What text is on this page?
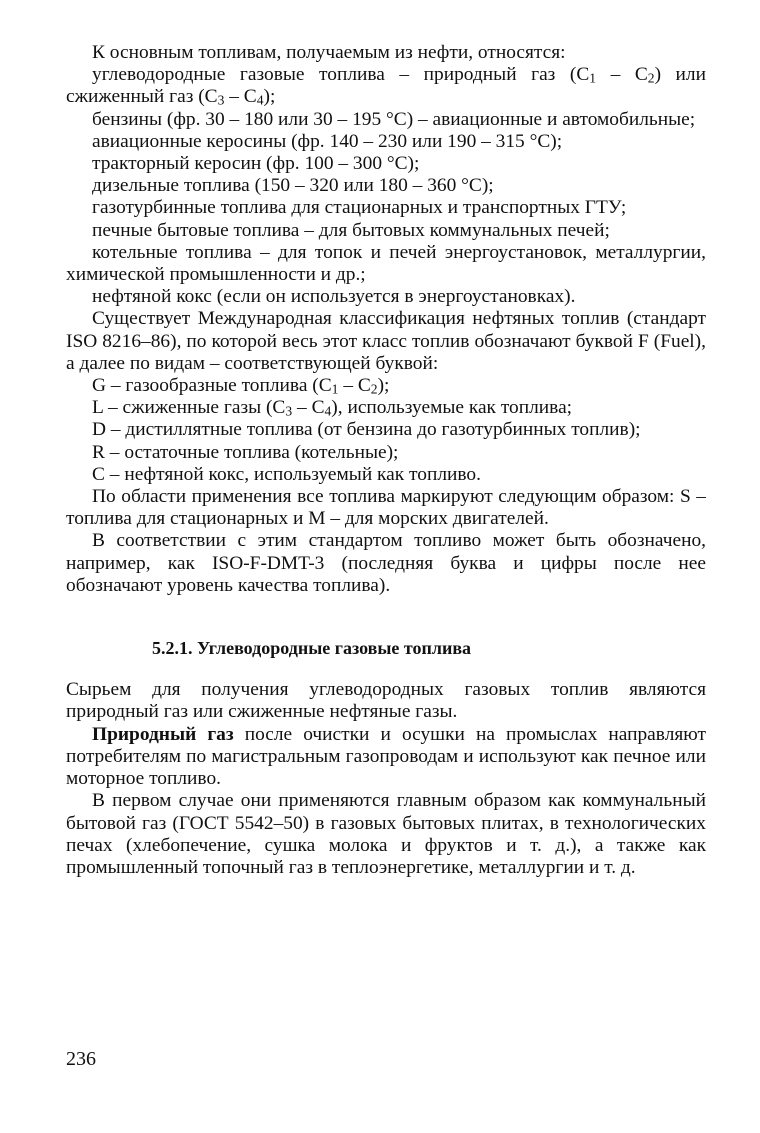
К основным топливам, получаемым из нефти, относятся:

углеводородные газовые топлива – природный газ (C1 – C2) или сжиженный газ (C3 – C4);

бензины (фр. 30 – 180 или 30 – 195 °C) – авиационные и автомобильные;

авиационные керосины (фр. 140 – 230 или 190 – 315 °C);

тракторный керосин (фр. 100 – 300 °C);

дизельные топлива (150 – 320 или 180 – 360 °C);

газотурбинные топлива для стационарных и транспортных ГТУ;

печные бытовые топлива – для бытовых коммунальных печей;

котельные топлива – для топок и печей энергоустановок, металлургии, химической промышленности и др.;

нефтяной кокс (если он используется в энергоустановках).

Существует Международная классификация нефтяных топлив (стандарт ISO 8216–86), по которой весь этот класс топлив обозначают буквой F (Fuel), а далее по видам – соответствующей буквой:

G – газообразные топлива (C1 – C2);

L – сжиженные газы (C3 – C4), используемые как топлива;

D – дистиллятные топлива (от бензина до газотурбинных топлив);

R – остаточные топлива (котельные);

C – нефтяной кокс, используемый как топливо.

По области применения все топлива маркируют следующим образом: S – топлива для стационарных и M – для морских двигателей.

В соответствии с этим стандартом топливо может быть обозначено, например, как ISO-F-DMT-3 (последняя буква и цифры после нее обозначают уровень качества топлива).

5.2.1. Углеводородные газовые топлива

Сырьем для получения углеводородных газовых топлив являются природный газ или сжиженные нефтяные газы.

Природный газ после очистки и осушки на промыслах направляют потребителям по магистральным газопроводам и используют как печное или моторное топливо.

В первом случае они применяются главным образом как коммунальный бытовой газ (ГОСТ 5542–50) в газовых бытовых плитах, в технологических печах (хлебопечение, сушка молока и фруктов и т. д.), а также как промышленный топочный газ в теплоэнергетике, металлургии и т. д.

236
